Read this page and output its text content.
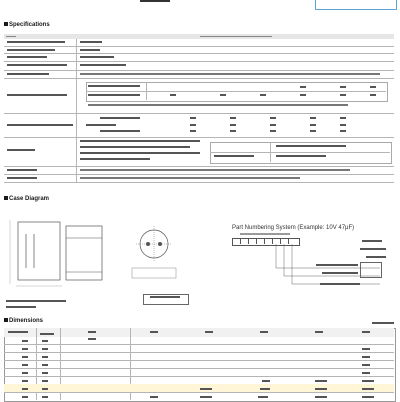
Specifications
Case Diagram
Part Numbering System (Example: 10V 47µF)
Dimensions
